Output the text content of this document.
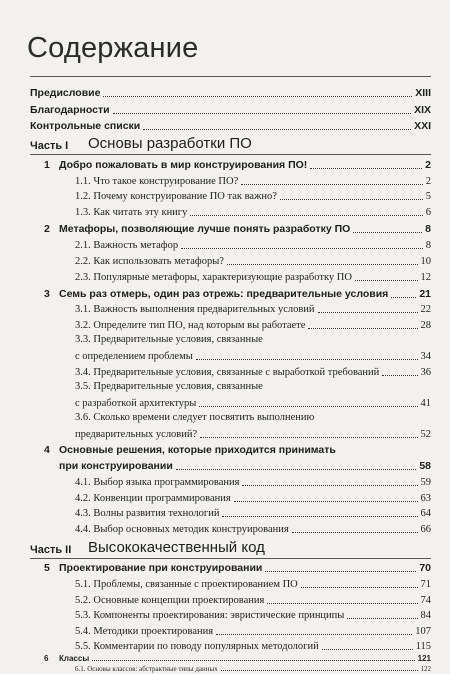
Содержание
Предисловие	XIII
Благодарности	XIX
Контрольные списки	XXI
Часть I	Основы разработки ПО
1 Добро пожаловать в мир конструирования ПО!	2
1.1. Что такое конструирование ПО?	2
1.2. Почему конструирование ПО так важно?	5
1.3. Как читать эту книгу	6
2 Метафоры, позволяющие лучше понять разработку ПО	8
2.1. Важность метафор	8
2.2. Как использовать метафоры?	10
2.3. Популярные метафоры, характеризующие разработку ПО	12
3 Семь раз отмерь, один раз отрежь: предварительные условия	21
3.1. Важность выполнения предварительных условий	22
3.2. Определите тип ПО, над которым вы работаете	28
3.3. Предварительные условия, связанные
с определением проблемы	34
3.4. Предварительные условия, связанные с выработкой требований	36
3.5. Предварительные условия, связанные
с разработкой архитектуры	41
3.6. Сколько времени следует посвятить выполнению
предварительных условий?	52
4 Основные решения, которые приходится принимать
при конструировании	58
4.1. Выбор языка программирования	59
4.2. Конвенции программирования	63
4.3. Волны развития технологий	64
4.4. Выбор основных методик конструирования	66
Часть II	Высококачественный код
5 Проектирование при конструировании	70
5.1. Проблемы, связанные с проектированием ПО	71
5.2. Основные концепции проектирования	74
5.3. Компоненты проектирования: эвристические принципы	84
5.4. Методики проектирования	107
5.5. Комментарии по поводу популярных методологий	115
6	Классы	121
6.1. Основы классов: абстрактные типы данных	122
